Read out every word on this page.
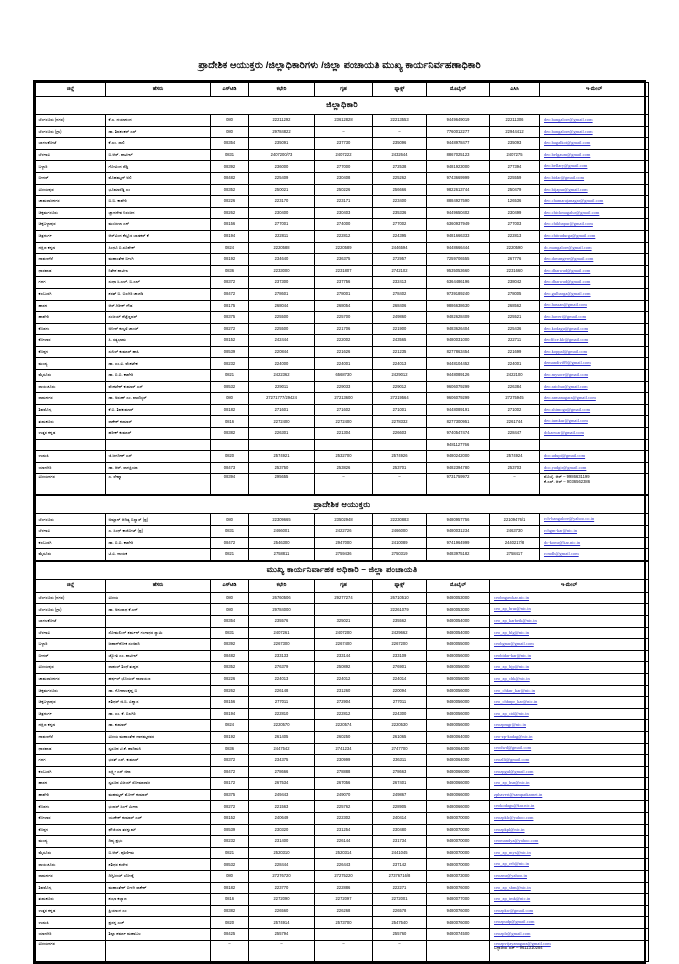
ಪ್ರಾದೇಶಿಕ ಆಯುಕ್ತರು /ಜಿಲ್ಲಾಧಿಕಾರಿಗಳು /ಜಿಲ್ಲಾ ಪಂಚಾಯತಿ ಮುಖ್ಯ ಕಾರ್ಯನಿರ್ವಹಣಾಧಿಕಾರಿ
ಜಿಲ್ಲೆ	ಹೆಸರು	ಎಸ್‌ಟಿಡಿ	ಕಛೇರಿ	ಗೃಹ	ಫ್ಯಾಕ್ಸ್	ಮೊಬೈಲ್	ಎಸಿಸಿ	ಇ-ಮೇಲ್
ಜಿಲ್ಲಾಧಿಕಾರಿ								
ಬೆಂಗಳೂರು (ನಗರ)	ಕೆ.ಎ. ದಯಾನಂದ	080	22211292	23612828	22213553	9449649019	22211306	deo.bangalore@gmail.com
ಬೆಂಗಳೂರು (ಗ್ರಾ)	ಡಾ. ಶಿವಶಂಕರ್ ಎಸ್	080	29784822	–	–	7760012277	22944412	deo.bangalore@gmail.com
ಬಾಗಲಕೋಟೆ	ಕೆ.ಎಂ. ಸಾಲಿ	08354	235091	237730	235096	9448978477	235093	deo.bagalkot@gmail.com
ಬೆಳಗಾವಿ	ಬಿ.ಆರ್. ಪಾಟೀಲ್	0831	2407200/73	2407222	2432644	8867025123	2407275	deo.belgaum@gmail.com
ಬಳ್ಳಾರಿ	ಗೋವಿಂದ ರೆಡ್ಡಿ	08392	236000	277000	272538	9481923000	277394	deo.bellary@gmail.com
ಬೀದರ್	ಮೊಹಮ್ಮದ್ ಅಲಿ	08482	225409	230408	225262	9743669999	225559	deo.bidar@gmail.com
ವಿಜಯಪುರ	ಭೂಮಾರೆಡ್ಡಿ ಎಂ	08352	250021	250226	256666	9822613744	250479	deo.bijapur@gmail.com
ಚಾಮರಾಜನಗರ	ಬಿ.ಬಿ. ಕಾವೇರಿ	08226	223170	223171	223400	8884927590	126536	deo.chamarajanagar@gmail.com
ಚಿಕ್ಕಮಗಳೂರು	ಜ್ಞಾನದೇವ ನಿರಂಜನ	08262	230400	230403	235336	9449650402	230499	deo.chickmagalur@gmail.com
ಚಿಕ್ಕಬಳ್ಳಾಪುರ	ಮಂಜುಳಾ ಎನ್	08156	277001	274000	277002	6360937949	277003	deo.chikbapur@gmail.com
ಚಿತ್ರದುರ್ಗ	ಆರ್‌ವಿಂದ ಕೆಸ್ತೂರ ಬಾಡಕರ್ ಕೆ	08194	222811	222812	224395	9481666333	222813	deo.chitradurga@gmail.com
ದಕ್ಷಿಣ ಕನ್ನಡ	ಸಿಂಧೂ ಬಿ.ರೂಪೇಶ್	0824	2220588	2220589	2446594	9448666444	2220590	dc.mangalore@gmail.com
ದಾವಣಗೆರೆ	ಮಹಾಂತೇಶ ಬೀಳಗಿ	08192	234640	236375	272957	7259706555	267776	deo.davangere@gmail.com
ಧಾರವಾಡ	ನಿತೇಶ ಪಾಟೀಲ	0836	2233000	2231807	2742102	9535053660	2231660	deo.dharwad@gmail.com
ಗದಗ	ಸುಧಾ ಸಿ.ಎಲ್. ಬಿ.ಎಲ್	08372	237300	237756	232413	6364486196	238042	deo.dharwad@gmail.com
ಕಲಬುರಗಿ	ಶರತ್ ಬಿ. ಬಿಲಗಿರಿ ಚಾಚಡಿ	08472	278601	278001	278402	9739189240	278005	deo.gulbarga@gmail.com
ಹಾಸನ	ಆರ್.ಗಿರೀಶ್ ಗೌಡ	08175	268044	268054	268406	9886638630	268562	deo.hassan@gmail.com
ಹಾವೇರಿ	ಸಂಜಯ್ ಶೆಟ್ಟೆಣ್ಣವರ್	08375	225500	225700	249860	9482628409	225521	deo.haveri@gmail.com
ಕೊಡಗು	ಅನೀಸ್ ಕಣ್ಮಣಿ ಜಾಯ್	08272	225500	221706	221900	9483626404	225436	deo.kodagu@gmail.com
ಕೋಲಾರ	ಸಿ. ಸತ್ಯಭಾಮ	08152	242444	222002	243565	9480031000	222711	deoffice.klr@gmail.com
ಕೊಪ್ಪಳ	ಸುನಿಲ್ ಕುಮಾರ್ ಹಾಸಿ	08539	220844	221626	221235	8277863454	221699	deo.koppal@gmail.com
ಮಂಡ್ಯ	ಡಾ. ಎಂ.ವಿ. ವೆಂಕಟೇಶ	08232	224000	224001	224013	9448104452	224001	demandivi09@gmail.com
ಮೈಸೂರು	ಡಾ. ಬಿ.ಬಿ. ಕಾವೇರಿ	0821	2422362	6568730	2429012	9448089126	2422100	deo.mysore@gmail.com
ರಾಯಚೂರು	ವೆಂಕಟೇಶ್ ಕುಮಾರ್ ಎಸ್	08532	229011	229033	229012	9606079299	226384	deo.raichur@gmail.com
ರಾಮನಗರ	ಡಾ. ಅರುಣ್ ಎಂ. ವಾಣಿಜ್ಯರ್	080	27271777/29424	27213600	27219564	9606079299	27275945	deo.ramanagara@gmail.com
ಶಿವಮೊಗ್ಗ	ಕೆ.ಬಿ. ಶಿವಕುಮಾರ್	08182	271601	271602	271001	9448089191	271002	deo.shimoga@gmail.com
ತುಮಕೂರು	ರಾಕೇಶ್ ಕುಮಾರ್	0816	2272400	2272400	2278332	8277300951	2261744	deo.tumkur@gmail.com
ಉತ್ತರ ಕನ್ನಡ	ಹರೀಶ್ ಕುಮಾರ್	08382	226301	221304	226603	9740547474	228447	dckarwar@gmail.com
						9481127766		
ಉಡುಪಿ	ಜಿ.ಜಗದೀಶ್ ಎಸ್	0820	2574921	2532700	2574926	9480242000	2574924	dco.udupi@gmail.com
ಯಾದಗಿರಿ	ಡಾ. ಆರ್. ರಾಗಪ್ರಿಯಾ	08473	253750	253826	253701	9482394780	253703	dco.yadgir@gmail.com
ವಿಜಯನಗರ	ಎ. ರೇಷ್ಮಾ	08394	295655	–	–	9731759972	–	ಮೊಬೈ. ಆರ್ – 9986631199
ಕೆ.ಎಸ್‌. ಆರ್ – 9036562386

ಪ್ರಾದೇಶಿಕ ಆಯುಕ್ತರು								
ಬೆಂಗಳೂರು	ಅಮ್ಲಾನ್ ಆದಿತ್ಯ ಬಿಸ್ವಾಸ್ (ಪ್ರ)	080	22309665	23502948	22230883	9480957756	22109476/1	rch-bangalore@yahoo.co.in
ಬೆಳಗಾವಿ	ಎ. ಸಿಂಧ್ ಕಾಜಿಬೀಟ್ (ಪ್ರ)	0831	2466001	2422726	2466000	9480031234	2463730	rchgm-kar@nic.in
ಕಲಬುರಗಿ	ಡಾ. ಬಿ.ಬಿ. ಕಾವೇರಿ	08472	2546300	2947000	2410089	9741964999	2440217/8	dc-komr@kar.nic.in
ಮೈಸೂರು	ಟಿ.ವಿ. ನಾಯಕ	0821	2758811	2759436	2750319	9483975182	2758417	rcmdh@gmail.com
ಮುಖ್ಯ ಕಾರ್ಯನಿರ್ವಾಹಕ ಅಧಿಕಾರಿ – ಜಿಲ್ಲಾ ಪಂಚಾಯತಿ								
ಜಿಲ್ಲೆ	ಹೆಸರು	ಎಸ್‌ಟಿಡಿ	ಕಛೇರಿ	ಗೃಹ	ಫ್ಯಾಕ್ಸ್	ಮೊಬೈಲ್	ಇ-ಮೇಲ್	
ಬೆಂಗಳೂರು (ನಗರ)	ವಿಜಯ	080	26760506	29277274	26710510	9480053000	ceobngawkar.nic.in	
ಬೆಂಗಳೂರು (ಗ್ರಾ)	ಡಾ. ಅನುರಾಧ ಕೆ.ಎನ್	080	29784000		22261079	9480053000	ceo_zp_brur@nic.in	
ಬಾಗಲಕೋಟೆ		08354	235576	325021	235562	9480054000	ceo_zp_karbetk@nic.in	
ಬೆಳಗಾವಿ	ಸೋಮಲಿಂಗ್ ಶರ್ಮನ್ ಗಂಗಾಧರ ಸ್ವಾಮಿ	0831	2407261	2407200	2429662	9480054000	ceo_zp_blg@nic.in	
ಬಳ್ಳಾರಿ	ಜಹಾನ್‌ಶೋಕ ಸಂಜಿವನಿ	08392	2267300	2267400	2267200	9480055000	ceobgnar@gmail.com	
ಬೀದರ್	ಜ್ಯೋತಿ ಎಂ. ಪಾಟೀಲ್	08482	233133	233144	233109	9480056000	ceobidar-kar@nic.in	
ವಿಜಯಪುರ	ರಾಹುಲ್ ಶಿಂಧೆ ತುಪ್ಪದ	08352	276379	250892	276901	9480056000	ceo_zp_bjp@nic.in	
ಚಾಮರಾಜನಗರ	ಹರ್ಷಲ್ ಭೊಯರ್ ನಾರಾಯಣ	08226	224013	224012	224014	9480056000	ceo_zp_chk@nic.in	
ಚಿಕ್ಕಮಗಳೂರು	ಡಾ. ಗೋಪಾಲಕೃಷ್ಣ ಬಿ	08262	226148	231260	220094	9480056000	ceo_chknr_kar@nic.in	
ಚಿಕ್ಕಬಳ್ಳಾಪುರ	ಶಶಿಧರ್ ಜಿ.ಬಿ. ವಿಶ್ವಾಸ	08156	277011	272904	277011	9480056000	ceo_chbnpr_kar@nic.in	
ಚಿತ್ರದುರ್ಗ	ಡಾ. ಎಂ. ಕೆ. ಬಿಲಗಿರಿ	08194	222810	222812	224300	9480056000	ceo_zp_ctd@nic.in	
ದಕ್ಷಿಣ ಕನ್ನಡ	ಡಾ. ಕುಮಾರ್	0824	2220570	2220574	2220530	9480056000	ceozpmgr@nic.in	
ದಾವಣಗೆರೆ	ವಿಜಯ ಮಹಾಂತೇಶ ದಾನಮ್ಮನವರ	08192	261405	260250	261065	9480064000	ceo-zp-kadag@nic.in	
ಧಾರವಾಡ	ಸ್ವರೂಪ ಟಿ.ಕೆ. ಹಾದಿಮನಿ	0836	2447542	2741234	2747700	9480064000	ceodwd@gmail.com	
ಗದಗ	ಭರತ್ ಎಸ್. ಕುಮಾರ್	08372	234375	230999	236311	9480064000	ceozlli@gmail.com	
ಕಲಬುರಗಿ	ಲಕ್ಷ್ಮೀ ಎಸ್ ಜಿನಾ	08472	278666	278888	278663	9480066000	ceozpgul@gmail.com	
ಹಾಸನ	ಸ್ವರೂಪ ವಿಜಯ್ ಸೋಮಾರಾಜ	08172	267534	267056	267401	9480066000	ceo_zp_hsn@nic.in	
ಹಾವೇರಿ	ಮಹಮ್ಮದ್ ಮೋನ್ ಕುಮಾರ್	08375	249443	249070	249867	9480066000	zphaveri@sampatkarnet.in	
ಕೊಡಗು	ಭಂವರ್ ಸಿಂಗ್ ಮೀನಾ	08272	221563	225762	228905	9480066000	ceokodagu@kar.nic.in	
ಕೋಲಾರ	ಯುಕೇಶ್ ಕುಮಾರ್ ಎಚ್	08152	240649	222302	240414	9480070000	ceozpklr@yahoo.com	
ಕೊಪ್ಪಳ	ಫೌಜಿಯಾ ತರನ್ನುಮ್	08539	230320	231254	230480	9480070000	ceozpkpl@nic.in	
ಮಂಡ್ಯ	ದಿವ್ಯ ಪ್ರಭು	08232	231400	226144	231734	9480070000	ceomandya@yahoo.com	
ಮೈಸೂರು	ಬಿ.ಆರ್. ಪೂರ್ಣಿಮ	0821	2520310	2520314	2441045	9480070000	ceo_zp_mys@nic.in	
ರಾಯಚೂರು	ಶಶಿಧರ ಕುರೇರ	08532	228444	226443	237142	9480070000	ceo_zp_reh@nic.in	
ರಾಮನಗರ	ದಿಗ್ವಿಜಯ್ ಬೋಡ್ಕೆ	080	27276720	27275220	27376716/8	9480073000	ceozmr@yahoo.in	
ಶಿವಮೊಗ್ಗ	ಮಹಾಂತೇಶ್ ಬೀಳಗಿ ರಾಕೇಶ್	08182	223770	222886	222271	9480076000	ceo_zp_sbm@nic.in	
ತುಮಕೂರು	ಶುಭಾ ಕಲ್ಯಾಣ	0816	2272090	2272097	2272001	9480077000	ceo_zp_tmk@nic.in	
ಉತ್ತರ ಕನ್ನಡ	ಪ್ರಿಯಾಂಗ ಎಂ	08382	226560	226268	226578	9480076000	ceozpkw@gmail.com	
ಉಡುಪಿ	ಪ್ರಸನ್ನ ಎಚ್	0820	2574914	2573700	2547540	9480076000	ceozpudp@gmail.com	
ಯಾದಗಿರಿ	ಶಿಲ್ಪಾ ಶರ್ಮಾ ಮಹಾಬಲ	08425	255794		255760	9480074500	ceozplr@gmail.com	
ವಿಜಯನಗರ		–	–	–	–		ceozpvijayanagara@gmail.com
ಬಳ್ಳಾರಿಯ ಎಸ್ – 9611310284	
